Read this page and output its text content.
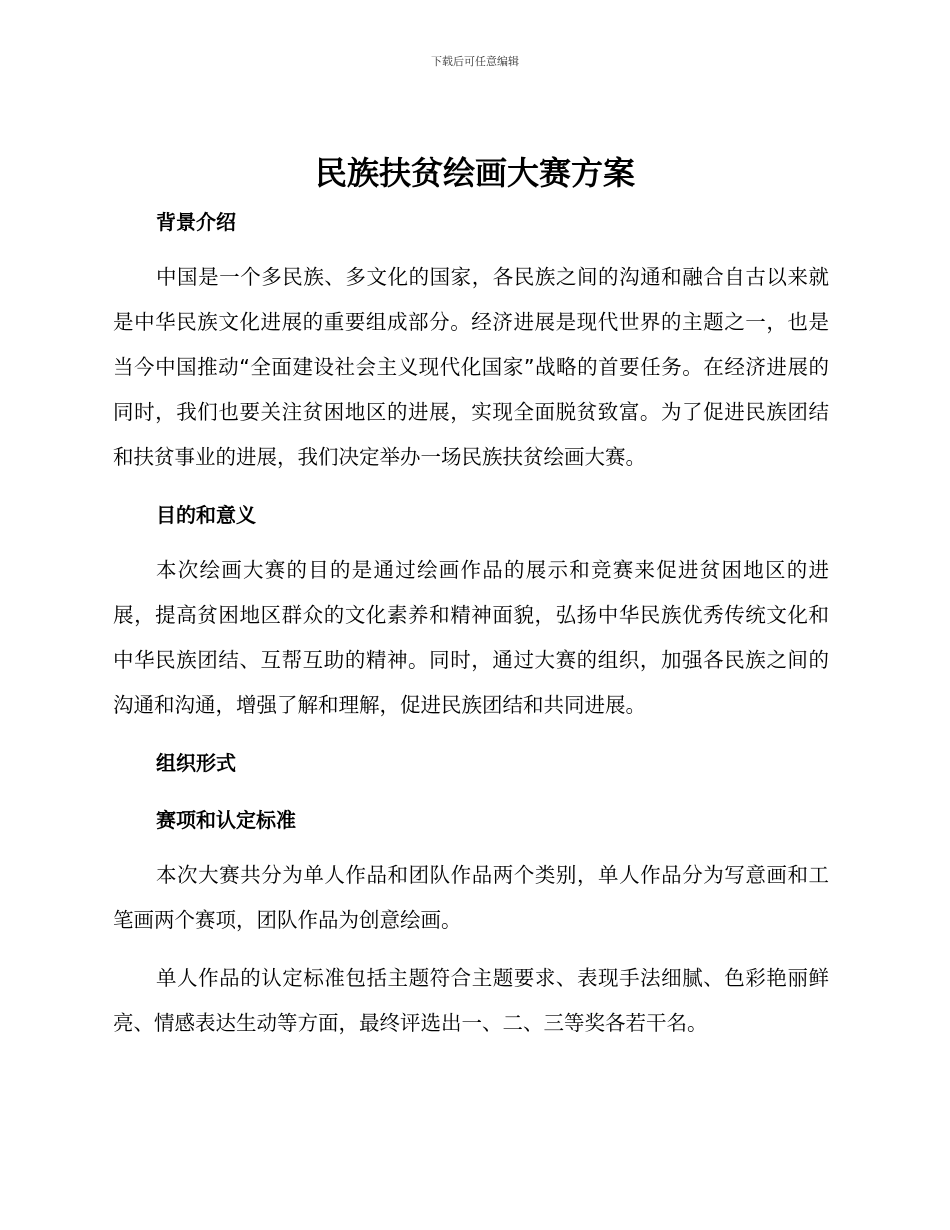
下载后可任意编辑
民族扶贫绘画大赛方案
背景介绍

中国是一个多民族、多文化的国家，各民族之间的沟通和融合自古以来就是中华民族文化进展的重要组成部分。经济进展是现代世界的主题之一，也是当今中国推动“全面建设社会主义现代化国家”战略的首要任务。在经济进展的同时，我们也要关注贫困地区的进展，实现全面脱贫致富。为了促进民族团结和扶贫事业的进展，我们决定举办一场民族扶贫绘画大赛。

目的和意义

本次绘画大赛的目的是通过绘画作品的展示和竞赛来促进贫困地区的进展，提高贫困地区群众的文化素养和精神面貌，弘扬中华民族优秀传统文化和中华民族团结、互帮互助的精神。同时，通过大赛的组织，加强各民族之间的沟通和沟通，增强了解和理解，促进民族团结和共同进展。

组织形式
赛项和认定标准

本次大赛共分为单人作品和团队作品两个类别，单人作品分为写意画和工笔画两个赛项，团队作品为创意绘画。

单人作品的认定标准包括主题符合主题要求、表现手法细腻、色彩艳丽鲜亮、情感表达生动等方面，最终评选出一、二、三等奖各若干名。
